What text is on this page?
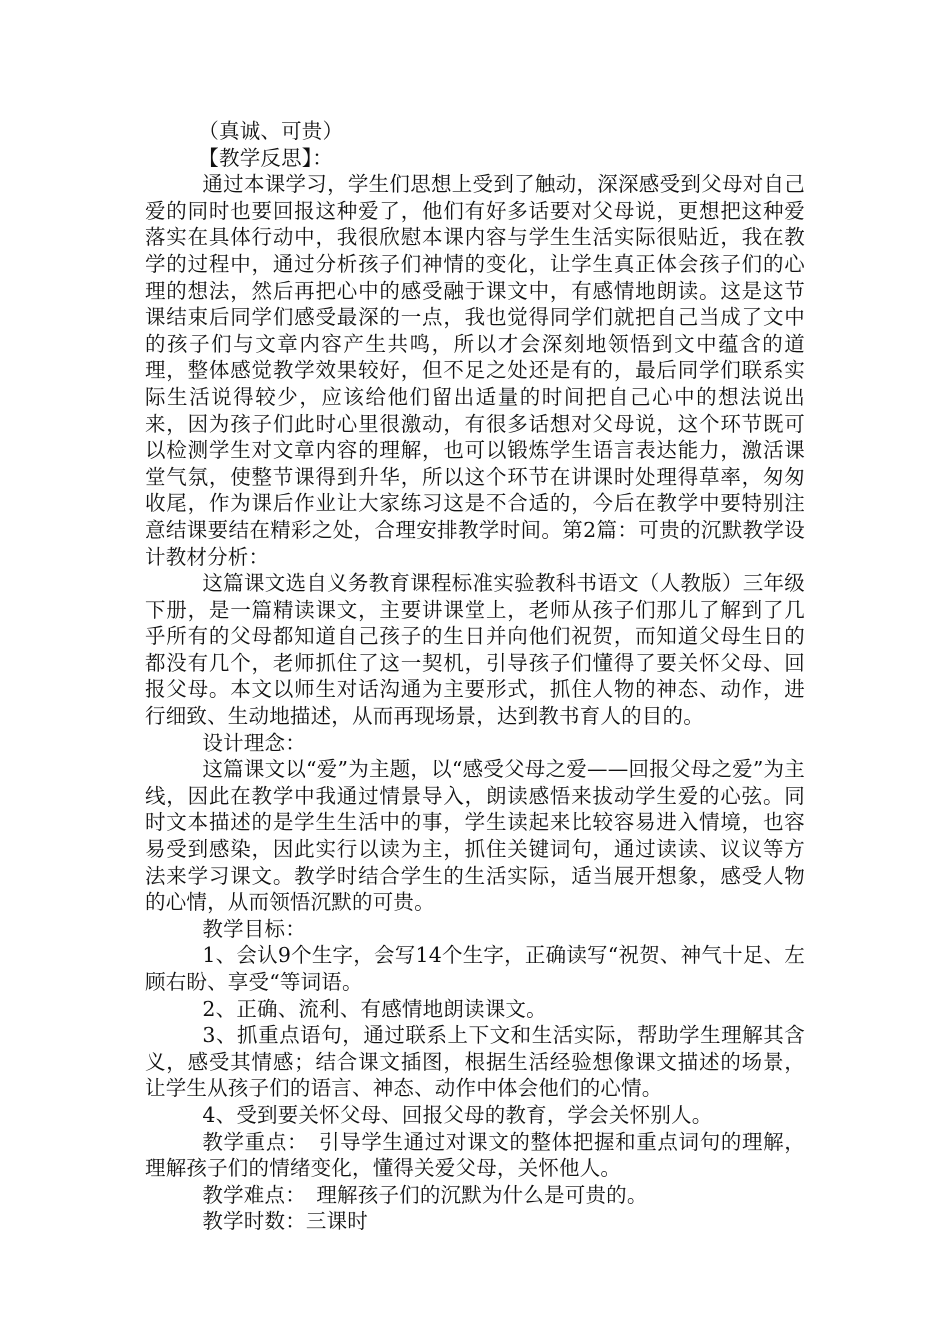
（真诚、可贵）

【教学反思】：

通过本课学习，学生们思想上受到了触动，深深感受到父母对自己爱的同时也要回报这种爱了，他们有好多话要对父母说，更想把这种爱落实在具体行动中，我很欣慰本课内容与学生生活实际很贴近，我在教学的过程中，通过分析孩子们神情的变化，让学生真正体会孩子们的心理的想法，然后再把心中的感受融于课文中，有感情地朗读。这是这节课结束后同学们感受最深的一点，我也觉得同学们就把自己当成了文中的孩子们与文章内容产生共鸣，所以才会深刻地领悟到文中蕴含的道理，整体感觉教学效果较好，但不足之处还是有的，最后同学们联系实际生活说得较少，应该给他们留出适量的时间把自己心中的想法说出来，因为孩子们此时心里很激动，有很多话想对父母说，这个环节既可以检测学生对文章内容的理解，也可以锻炼学生语言表达能力，激活课堂气氛，使整节课得到升华，所以这个环节在讲课时处理得草率，匆匆收尾，作为课后作业让大家练习这是不合适的，今后在教学中要特别注意结课要结在精彩之处，合理安排教学时间。第2篇：可贵的沉默教学设计教材分析：

这篇课文选自义务教育课程标准实验教科书语文（人教版）三年级下册，是一篇精读课文，主要讲课堂上，老师从孩子们那儿了解到了几乎所有的父母都知道自己孩子的生日并向他们祝贺，而知道父母生日的都没有几个，老师抓住了这一契机，引导孩子们懂得了要关怀父母、回报父母。本文以师生对话沟通为主要形式，抓住人物的神态、动作，进行细致、生动地描述，从而再现场景，达到教书育人的目的。

设计理念：

这篇课文以“爱”为主题，以“感受父母之爱——回报父母之爱”为主线，因此在教学中我通过情景导入，朗读感悟来拔动学生爱的心弦。同时文本描述的是学生生活中的事，学生读起来比较容易进入情境，也容易受到感染，因此实行以读为主，抓住关键词句，通过读读、议议等方法来学习课文。教学时结合学生的生活实际，适当展开想象，感受人物的心情，从而领悟沉默的可贵。

教学目标：

1、会认9个生字，会写14个生字，正确读写“祝贺、神气十足、左顾右盼、享受“等词语。

2、正确、流利、有感情地朗读课文。

3、抓重点语句，通过联系上下文和生活实际，帮助学生理解其含义，感受其情感；结合课文插图，根据生活经验想像课文描述的场景，让学生从孩子们的语言、神态、动作中体会他们的心情。

4、受到要关怀父母、回报父母的教育，学会关怀别人。

教学重点：　引导学生通过对课文的整体把握和重点词句的理解，理解孩子们的情绪变化，懂得关爱父母，关怀他人。

教学难点：　理解孩子们的沉默为什么是可贵的。

教学时数：三课时
